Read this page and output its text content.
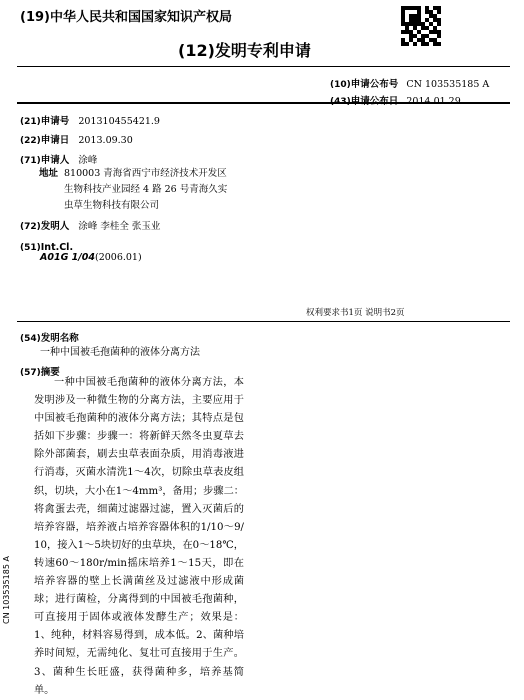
(19)中华人民共和国国家知识产权局
(12)发明专利申请
(10)申请公布号 CN 103535185 A
(21)申请号 201310455421.9
(22)申请日 2013.09.30
(71)申请人 涂峰
地址 810003 青海省西宁市经济技术开发区
生物科技产业园经 4 路 26 号青海久实
虫草生物科技有限公司
(72)发明人 涂峰 李桂全 张玉业
(51)Int.Cl.
A01G 1/04(2006.01)
权利要求书1页 说明书2页
(54)发明名称
一种中国被毛孢菌种的液体分离方法
(57)摘要
一种中国被毛孢菌种的液体分离方法，本发明涉及一种微生物的分离方法，主要应用于中国被毛孢菌种的液体分离方法；其特点是包括如下步骤：步骤一：将新鲜天然冬虫夏草去除外部菌套，刷去虫草表面杂质，用消毒液进行消毒，灭菌水清洗1～4次，切除虫草表皮组织，切块，大小在1～4mm³，备用；步骤二：将禽蛋去壳，细菌过滤器过滤，置入灭菌后的培养容器，培养液占培养容器体积的1/10～9/10，接入1～5块切好的虫草块，在0～18℃，转速60～180r/min摇床培养1～15天，即在培养容器的壁上长满菌丝及过滤液中形成菌球；进行菌检，分离得到的中国被毛孢菌种，可直接用于固体或液体发酵生产；效果是：1、纯种，材料容易得到，成本低。2、菌种培养时间短，无需纯化、复壮可直接用于生产。3、菌种生长旺盛，获得菌种多，培养基简单。
CN 103535185 A
